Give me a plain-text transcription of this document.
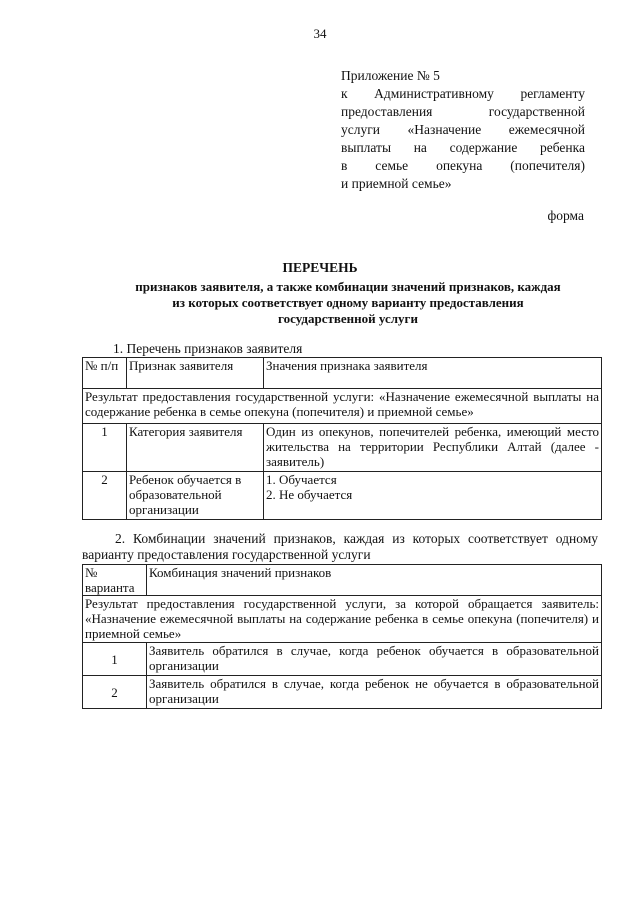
34
Приложение № 5
к Административному регламенту
предоставления государственной
услуги «Назначение ежемесячной
выплаты на содержание ребенка
в семье опекуна (попечителя)
и приемной семье»
форма
ПЕРЕЧЕНЬ
признаков заявителя, а также комбинации значений признаков, каждая
из которых соответствует одному варианту предоставления
государственной услуги
1. Перечень признаков заявителя
№ п/п	Признак заявителя	Значения признака заявителя
Результат предоставления государственной услуги: «Назначение ежемесячной выплаты на содержание ребенка в семье опекуна (попечителя) и приемной семье»		
1	Категория заявителя	Один из опекунов, попечителей ребенка, имеющий место жительства на территории Республики Алтай (далее - заявитель)
2	Ребенок обучается в образовательной организации	1. Обучается
2. Не обучается
2. Комбинации значений признаков, каждая из которых соответствует одному варианту предоставления государственной услуги
№ варианта	Комбинация значений признаков
Результат предоставления государственной услуги, за которой обращается заявитель: «Назначение ежемесячной выплаты на содержание ребенка в семье опекуна (попечителя) и приемной семье»	
1	Заявитель обратился в случае, когда ребенок обучается в образовательной организации
2	Заявитель обратился в случае, когда ребенок не обучается в образовательной организации
